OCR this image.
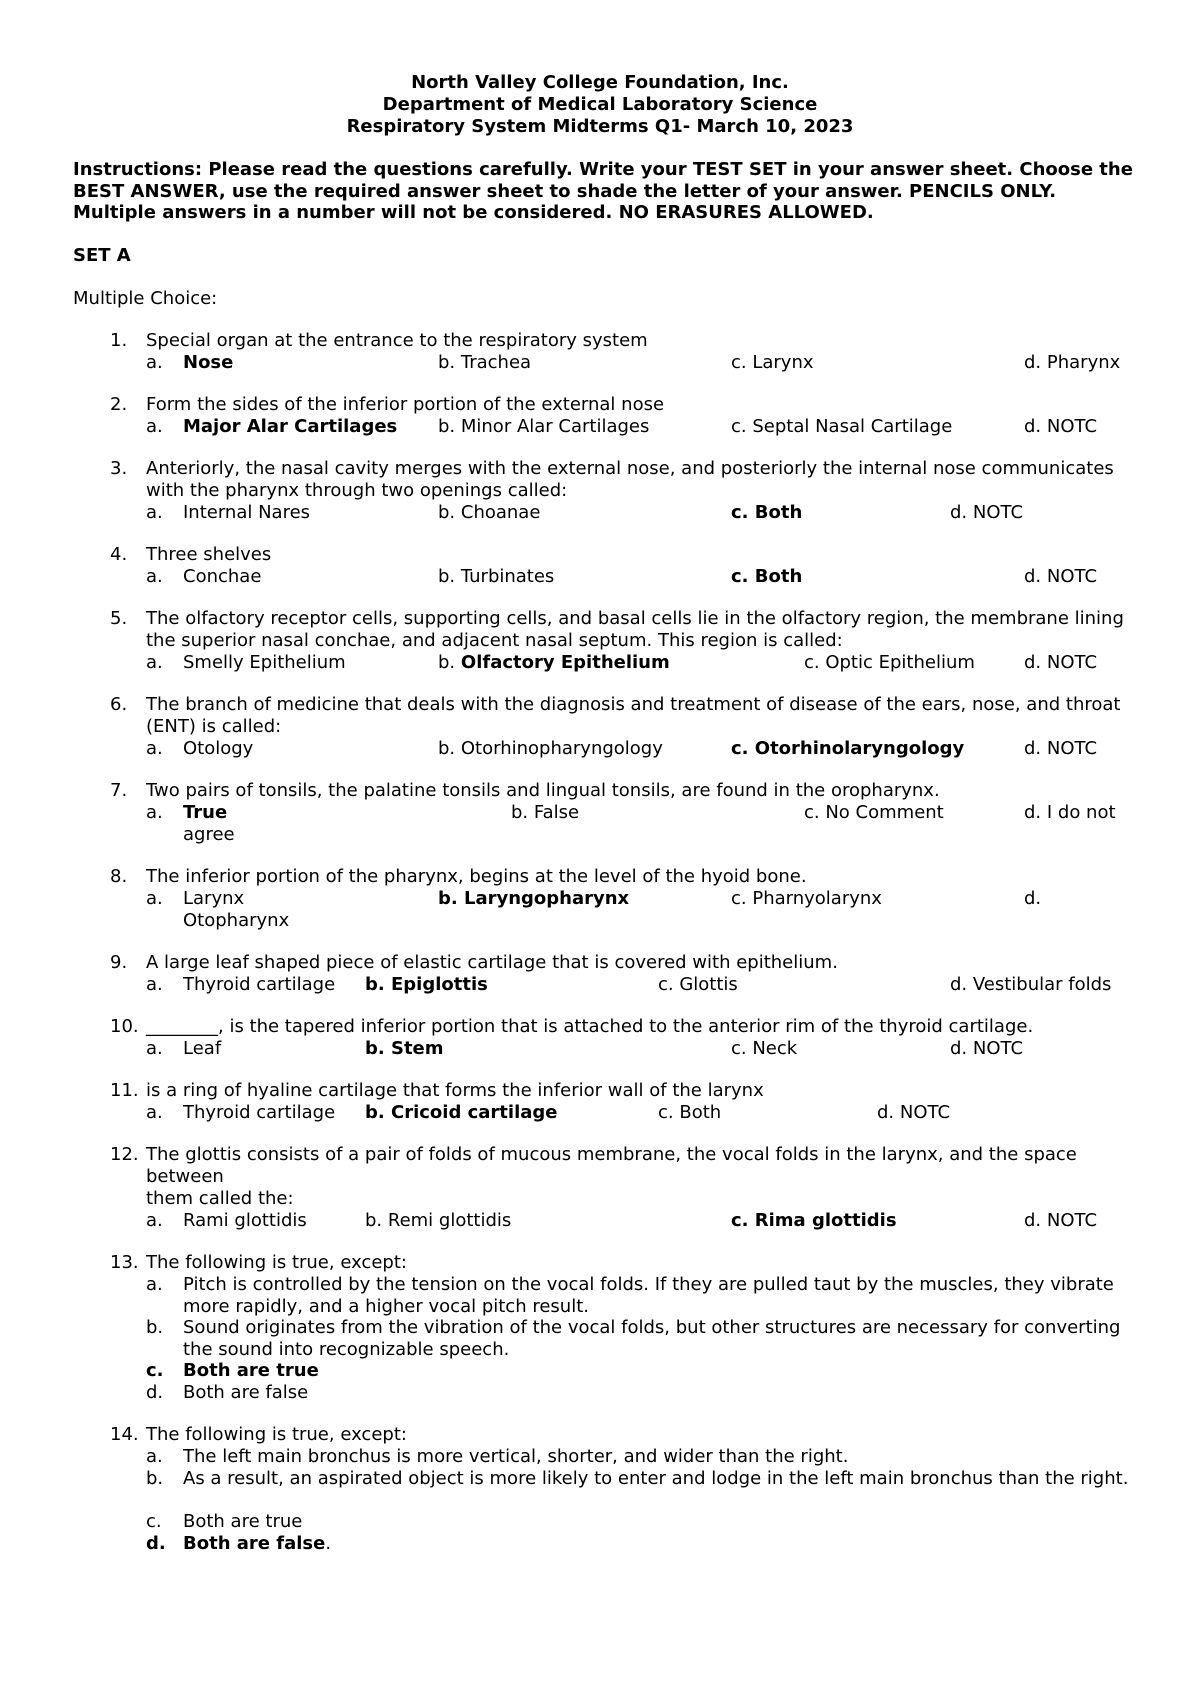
North Valley College Foundation, Inc.
Department of Medical Laboratory Science
Respiratory System Midterms Q1- March 10, 2023
Instructions: Please read the questions carefully. Write your TEST SET in your answer sheet. Choose the BEST ANSWER, use the required answer sheet to shade the letter of your answer. PENCILS ONLY. Multiple answers in a number will not be considered. NO ERASURES ALLOWED.
SET A
Multiple Choice:
1. Special organ at the entrance to the respiratory system
a. Nose	b. Trachea	c. Larynx	d. Pharynx
2. Form the sides of the inferior portion of the external nose
a. Major Alar Cartilages b. Minor Alar Cartilages	c. Septal Nasal Cartilage	d. NOTC
3. Anteriorly, the nasal cavity merges with the external nose, and posteriorly the internal nose communicates with the pharynx through two openings called:
a. Internal Nares	b. Choanae	c. Both	d. NOTC
4. Three shelves
a. Conchae	b. Turbinates	c. Both	d. NOTC
5. The olfactory receptor cells, supporting cells, and basal cells lie in the olfactory region, the membrane lining the superior nasal conchae, and adjacent nasal septum. This region is called:
a. Smelly Epithelium	b. Olfactory Epithelium	c. Optic Epithelium	d. NOTC
6. The branch of medicine that deals with the diagnosis and treatment of disease of the ears, nose, and throat (ENT) is called:
a. Otology	b. Otorhinopharyngology	c. Otorhinolaryngology	d. NOTC
7. Two pairs of tonsils, the palatine tonsils and lingual tonsils, are found in the oropharynx.
a. True	b. False	c. No Comment	d. I do not
agree
8. The inferior portion of the pharynx, begins at the level of the hyoid bone.
a. Larynx	b. Laryngopharynx	c. Pharnyolarynx	d.
Otopharynx
9. A large leaf shaped piece of elastic cartilage that is covered with epithelium.
a. Thyroid cartilage b. Epiglottis	c. Glottis	d. Vestibular folds
10. ________, is the tapered inferior portion that is attached to the anterior rim of the thyroid cartilage.
a. Leaf	b. Stem	c. Neck	d. NOTC
11. is a ring of hyaline cartilage that forms the inferior wall of the larynx
a. Thyroid cartilage b. Cricoid cartilage	c. Both	d. NOTC
12. The glottis consists of a pair of folds of mucous membrane, the vocal folds in the larynx, and the space between
them called the:
a. Rami glottidis	b. Remi glottidis	c. Rima glottidis	d. NOTC
13. The following is true, except:
a. Pitch is controlled by the tension on the vocal folds. If they are pulled taut by the muscles, they vibrate more rapidly, and a higher vocal pitch result.
b. Sound originates from the vibration of the vocal folds, but other structures are necessary for converting the sound into recognizable speech.
c. Both are true
d. Both are false
14. The following is true, except:
a. The left main bronchus is more vertical, shorter, and wider than the right.
b. As a result, an aspirated object is more likely to enter and lodge in the left main bronchus than the right.
c. Both are true
d. Both are false.
